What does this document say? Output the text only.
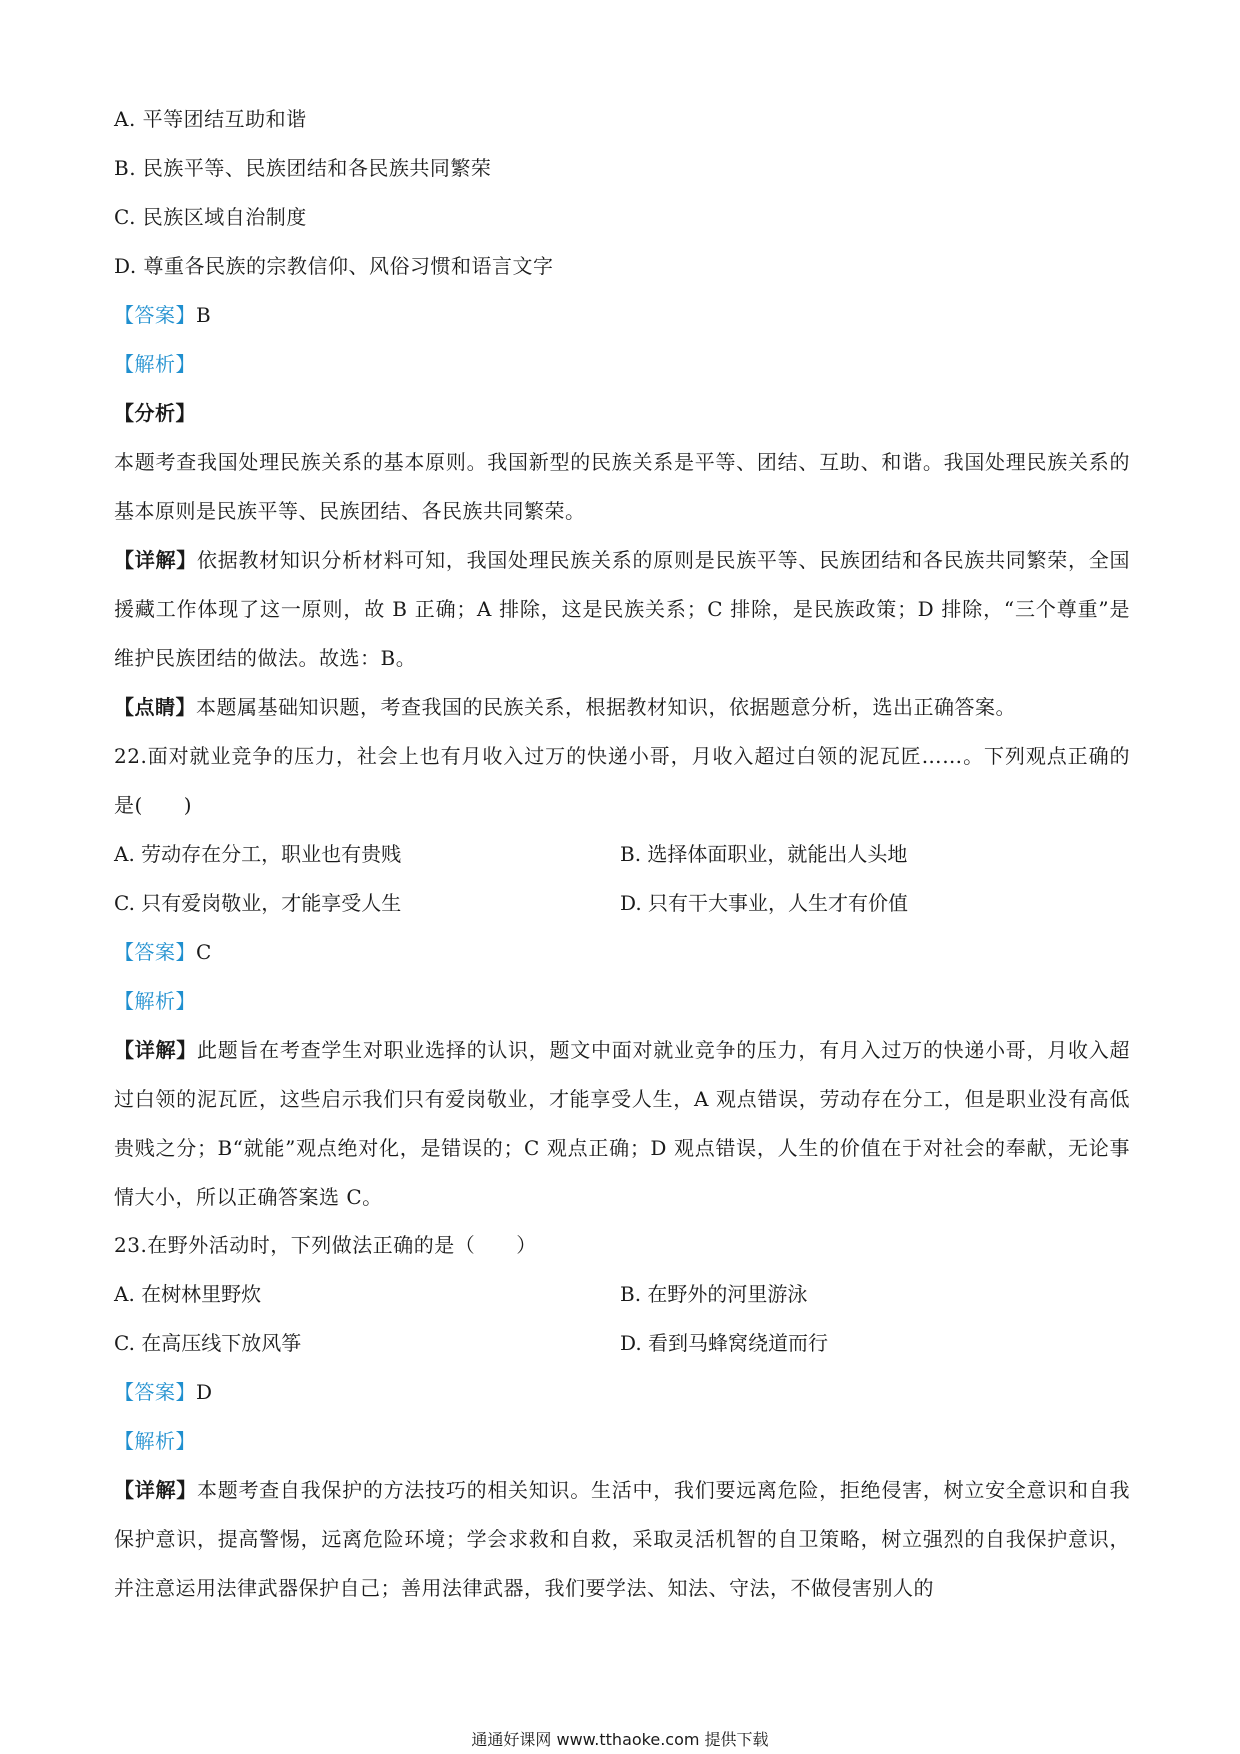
A. 平等团结互助和谐

B. 民族平等、民族团结和各民族共同繁荣

C. 民族区域自治制度

D. 尊重各民族的宗教信仰、风俗习惯和语言文字

【答案】B

【解析】

【分析】

本题考查我国处理民族关系的基本原则。我国新型的民族关系是平等、团结、互助、和谐。我国处理民族关系的基本原则是民族平等、民族团结、各民族共同繁荣。

【详解】依据教材知识分析材料可知，我国处理民族关系的原则是民族平等、民族团结和各民族共同繁荣，全国援藏工作体现了这一原则，故 B 正确；A 排除，这是民族关系；C 排除，是民族政策；D 排除，“三个尊重”是维护民族团结的做法。故选：B。

【点睛】本题属基础知识题，考查我国的民族关系，根据教材知识，依据题意分析，选出正确答案。

22.面对就业竞争的压力，社会上也有月收入过万的快递小哥，月收入超过白领的泥瓦匠……。下列观点正确的是(　　)

A. 劳动存在分工，职业也有贵贱	B. 选择体面职业，就能出人头地
C. 只有爱岗敬业，才能享受人生	D. 只有干大事业，人生才有价值

【答案】C

【解析】

【详解】此题旨在考查学生对职业选择的认识，题文中面对就业竞争的压力，有月入过万的快递小哥，月收入超过白领的泥瓦匠，这些启示我们只有爱岗敬业，才能享受人生，A 观点错误，劳动存在分工，但是职业没有高低贵贱之分；B“就能”观点绝对化，是错误的；C 观点正确；D 观点错误，人生的价值在于对社会的奉献，无论事情大小，所以正确答案选 C。

23.在野外活动时，下列做法正确的是（　　）

A. 在树林里野炊	B. 在野外的河里游泳
C. 在高压线下放风筝	D. 看到马蜂窝绕道而行

【答案】D

【解析】

【详解】本题考查自我保护的方法技巧的相关知识。生活中，我们要远离危险，拒绝侵害，树立安全意识和自我保护意识，提高警惕，远离危险环境；学会求救和自救，采取灵活机智的自卫策略，树立强烈的自我保护意识，并注意运用法律武器保护自己；善用法律武器，我们要学法、知法、守法，不做侵害别人的

通通好课网 www.tthaoke.com 提供下载
